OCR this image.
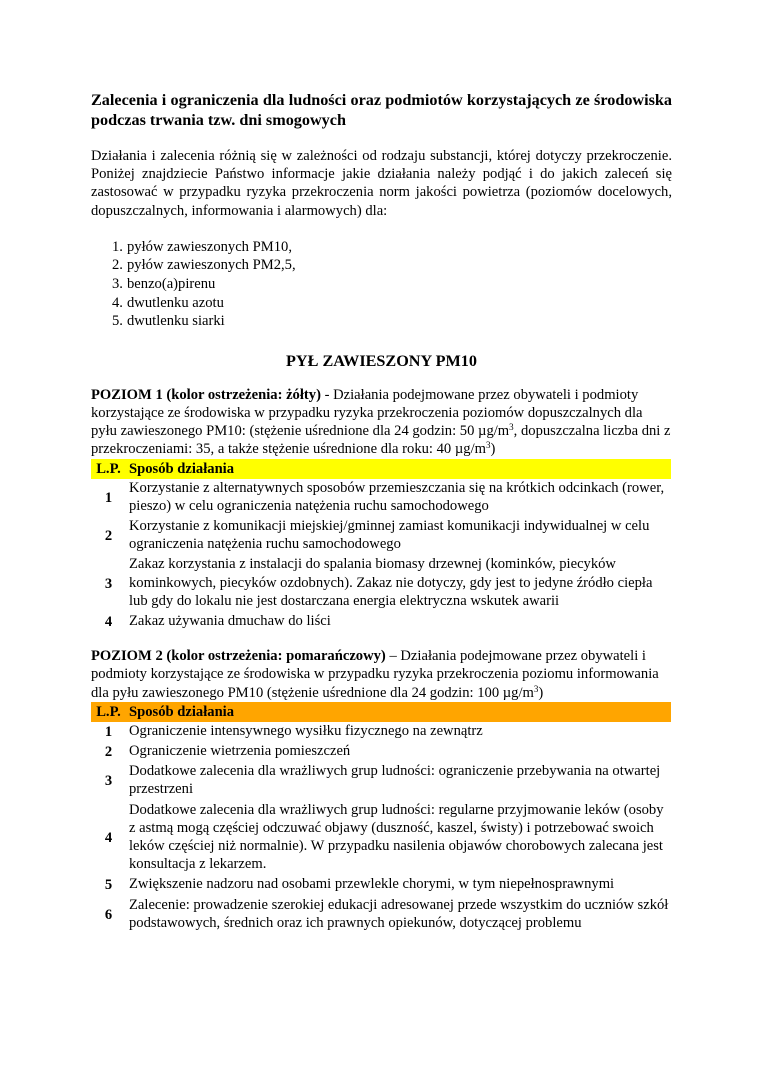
Zalecenia i ograniczenia dla ludności oraz podmiotów korzystających ze środowiska podczas trwania tzw. dni smogowych

Działania i zalecenia różnią się w zależności od rodzaju substancji, której dotyczy przekroczenie. Poniżej znajdziecie Państwo informacje jakie działania należy podjąć i do jakich zaleceń się zastosować w przypadku ryzyka przekroczenia norm jakości powietrza (poziomów docelowych, dopuszczalnych, informowania i alarmowych) dla:

1. pyłów zawieszonych PM10,
2. pyłów zawieszonych PM2,5,
3. benzo(a)pirenu
4. dwutlenku azotu
5. dwutlenku siarki
PYŁ ZAWIESZONY PM10

POZIOM 1 (kolor ostrzeżenia: żółty) - Działania podejmowane przez obywateli i podmioty korzystające ze środowiska w przypadku ryzyka przekroczenia poziomów dopuszczalnych dla pyłu zawieszonego PM10: (stężenie uśrednione dla 24 godzin: 50 $\mu g/m^3$, dopuszczalna liczba dni z przekroczeniami: 35, a także stężenie uśrednione dla roku: 40 $\mu g/m^3$)

L.P.	Sposób działania
1	Korzystanie z alternatywnych sposobów przemieszczania się na krótkich odcinkach (rower, pieszo) w celu ograniczenia natężenia ruchu samochodowego
2	Korzystanie z komunikacji miejskiej/gminnej zamiast komunikacji indywidualnej w celu ograniczenia natężenia ruchu samochodowego
3	Zakaz korzystania z instalacji do spalania biomasy drzewnej (kominków, piecyków kominkowych, piecyków ozdobnych). Zakaz nie dotyczy, gdy jest to jedyne źródło ciepła lub gdy do lokalu nie jest dostarczana energia elektryczna wskutek awarii
4	Zakaz używania dmuchaw do liści

POZIOM 2 (kolor ostrzeżenia: pomarańczowy) – Działania podejmowane przez obywateli i podmioty korzystające ze środowiska w przypadku ryzyka przekroczenia poziomu informowania dla pyłu zawieszonego PM10 (stężenie uśrednione dla 24 godzin: 100 $\mu g/m^3$)

L.P.	Sposób działania
1	Ograniczenie intensywnego wysiłku fizycznego na zewnątrz
2	Ograniczenie wietrzenia pomieszczeń
3	Dodatkowe zalecenia dla wrażliwych grup ludności: ograniczenie przebywania na otwartej przestrzeni
4	Dodatkowe zalecenia dla wrażliwych grup ludności: regularne przyjmowanie leków (osoby z astmą mogą częściej odczuwać objawy (duszność, kaszel, świsty) i potrzebować swoich leków częściej niż normalnie). W przypadku nasilenia objawów chorobowych zalecana jest konsultacja z lekarzem.
5	Zwiększenie nadzoru nad osobami przewlekle chorymi, w tym niepełnosprawnymi
6	Zalecenie: prowadzenie szerokiej edukacji adresowanej przede wszystkim do uczniów szkół podstawowych, średnich oraz ich prawnych opiekunów, dotyczącej problemu
